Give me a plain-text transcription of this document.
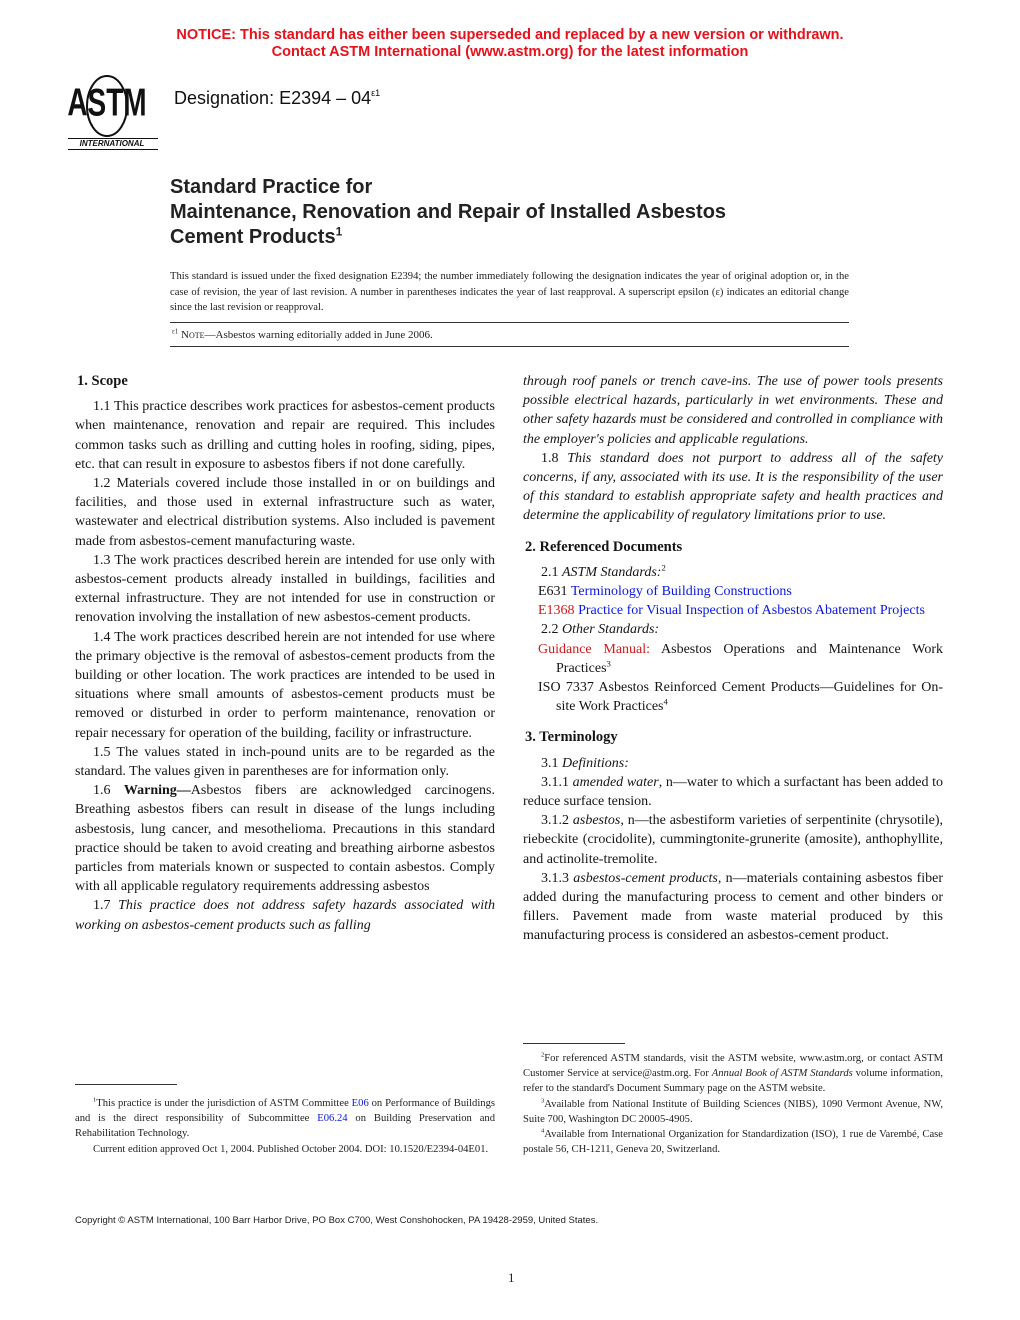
NOTICE: This standard has either been superseded and replaced by a new version or withdrawn.
Contact ASTM International (www.astm.org) for the latest information
ASTM
INTERNATIONAL
Designation: $E2394 - 04^{\varepsilon 1}$
Standard Practice for
Maintenance, Renovation and Repair of Installed Asbestos
Cement Products$^1$
This standard is issued under the fixed designation E2394; the number immediately following the designation indicates the year of original adoption or, in the case of revision, the year of last revision. A number in parentheses indicates the year of last reapproval. A superscript epsilon (ε) indicates an editorial change since the last revision or reapproval.
$^{\varepsilon 1}$ Note—Asbestos warning editorially added in June 2006.

1. Scope

1.1 This practice describes work practices for asbestos-cement products when maintenance, renovation and repair are required. This includes common tasks such as drilling and cutting holes in roofing, siding, pipes, etc. that can result in exposure to asbestos fibers if not done carefully.

1.2 Materials covered include those installed in or on buildings and facilities, and those used in external infrastructure such as water, wastewater and electrical distribution systems. Also included is pavement made from asbestos-cement manufacturing waste.

1.3 The work practices described herein are intended for use only with asbestos-cement products already installed in buildings, facilities and external infrastructure. They are not intended for use in construction or renovation involving the installation of new asbestos-cement products.

1.4 The work practices described herein are not intended for use where the primary objective is the removal of asbestos-cement products from the building or other location. The work practices are intended to be used in situations where small amounts of asbestos-cement products must be removed or disturbed in order to perform maintenance, renovation or repair necessary for operation of the building, facility or infrastructure.

1.5 The values stated in inch-pound units are to be regarded as the standard. The values given in parentheses are for information only.

1.6 Warning—Asbestos fibers are acknowledged carcinogens. Breathing asbestos fibers can result in disease of the lungs including asbestosis, lung cancer, and mesothelioma. Precautions in this standard practice should be taken to avoid creating and breathing airborne asbestos particles from materials known or suspected to contain asbestos. Comply with all applicable regulatory requirements addressing asbestos

1.7 This practice does not address safety hazards associated with working on asbestos-cement products such as falling

through roof panels or trench cave-ins. The use of power tools presents possible electrical hazards, particularly in wet environments. These and other safety hazards must be considered and controlled in compliance with the employer's policies and applicable regulations.

1.8 This standard does not purport to address all of the safety concerns, if any, associated with its use. It is the responsibility of the user of this standard to establish appropriate safety and health practices and determine the applicability of regulatory limitations prior to use.

2. Referenced Documents

2.1 ASTM Standards:$^2$

E631 Terminology of Building Constructions

E1368 Practice for Visual Inspection of Asbestos Abatement Projects

2.2 Other Standards:

Guidance Manual: Asbestos Operations and Maintenance Work Practices$^3$

ISO 7337 Asbestos Reinforced Cement Products—Guidelines for On-site Work Practices$^4$

3. Terminology

3.1 Definitions:

3.1.1 amended water, n—water to which a surfactant has been added to reduce surface tension.

3.1.2 asbestos, n—the asbestiform varieties of serpentinite (chrysotile), riebeckite (crocidolite), cummingtonite-grunerite (amosite), anthophyllite, and actinolite-tremolite.

3.1.3 asbestos-cement products, n—materials containing asbestos fiber added during the manufacturing process to cement and other binders or fillers. Pavement made from waste material produced by this manufacturing process is considered an asbestos-cement product.

$^1$This practice is under the jurisdiction of ASTM Committee E06 on Performance of Buildings and is the direct responsibility of Subcommittee E06.24 on Building Preservation and Rehabilitation Technology.

Current edition approved Oct 1, 2004. Published October 2004. DOI: 10.1520/E2394-04E01.

$^2$For referenced ASTM standards, visit the ASTM website, www.astm.org, or contact ASTM Customer Service at service@astm.org. For Annual Book of ASTM Standards volume information, refer to the standard's Document Summary page on the ASTM website.

$^3$Available from National Institute of Building Sciences (NIBS), 1090 Vermont Avenue, NW, Suite 700, Washington DC 20005-4905.

$^4$Available from International Organization for Standardization (ISO), 1 rue de Varembé, Case postale 56, CH-1211, Geneva 20, Switzerland.

Copyright © ASTM International, 100 Barr Harbor Drive, PO Box C700, West Conshohocken, PA 19428-2959, United States.
1
